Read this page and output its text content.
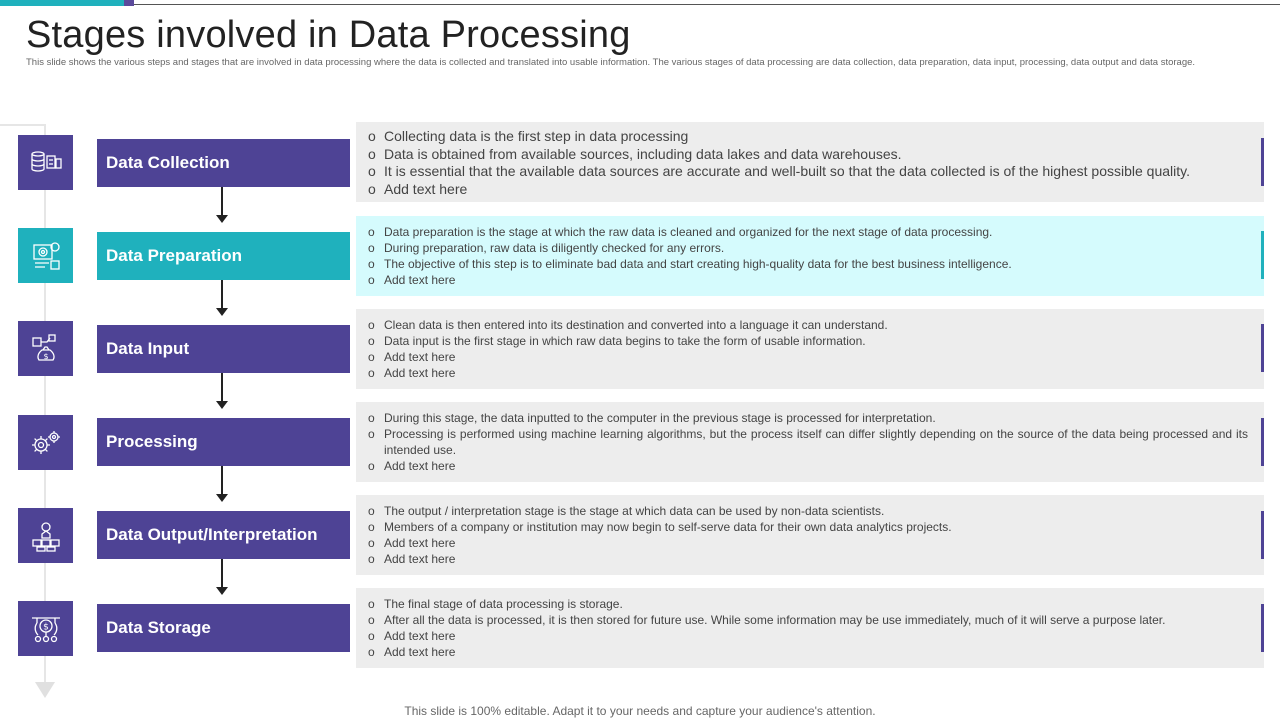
Stages involved in Data Processing

This slide shows the various steps and stages that are involved in data processing where the data is collected and translated into usable information. The various stages of data processing are data collection, data preparation, data input, processing, data output and data storage.

Data Collection
o Collecting data is the first step in data processing
o Data is obtained from available sources, including data lakes and data warehouses.
o It is essential that the available data sources are accurate and well-built so that the data collected is of the highest possible quality.
o Add text here
Data Preparation
o Data preparation is the stage at which the raw data is cleaned and organized for the next stage of data processing.
o During preparation, raw data is diligently checked for any errors.
o The objective of this step is to eliminate bad data and start creating high-quality data for the best business intelligence.
o Add text here
$	Data Input
o Clean data is then entered into its destination and converted into a language it can understand.
o Data input is the first stage in which raw data begins to take the form of usable information.
o Add text here
o Add text here
Processing
o During this stage, the data inputted to the computer in the previous stage is processed for interpretation.
o Processing is performed using machine learning algorithms, but the process itself can differ slightly depending on the source of the data being processed and its intended use.
o Add text here
Data Output/Interpretation
o The output / interpretation stage is the stage at which data can be used by non-data scientists.
o Members of a company or institution may now begin to self-serve data for their own data analytics projects.
o Add text here
o Add text here
$	Data Storage
o The final stage of data processing is storage.
o After all the data is processed, it is then stored for future use. While some information may be use immediately, much of it will serve a purpose later.
o Add text here
o Add text here

This slide is 100% editable. Adapt it to your needs and capture your audience's attention.
